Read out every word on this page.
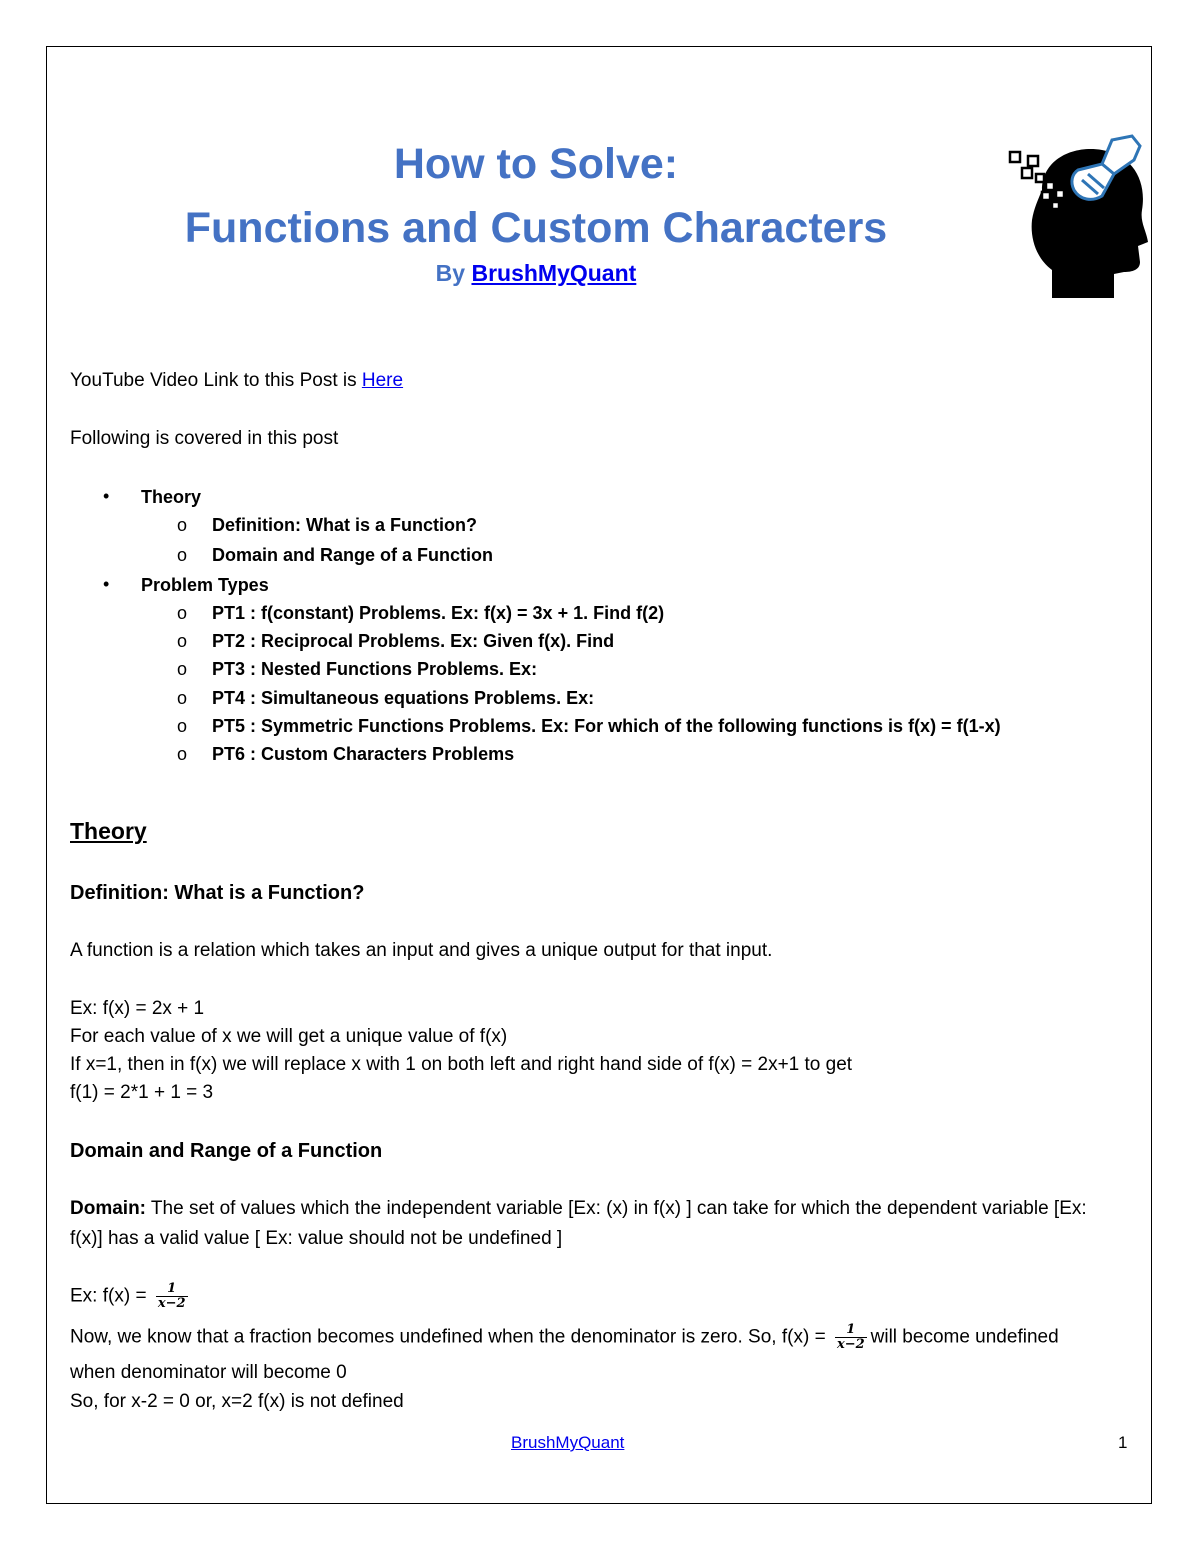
How to Solve:
Functions and Custom Characters
By BrushMyQuant
YouTube Video Link to this Post is Here
Following is covered in this post
• Theory
o Definition: What is a Function?
o Domain and Range of a Function
• Problem Types
o PT1 : f(constant) Problems. Ex: f(x) = 3x + 1. Find f(2)
o PT2 : Reciprocal Problems. Ex: Given f(x). Find
o PT3 : Nested Functions Problems. Ex:
o PT4 : Simultaneous equations Problems. Ex:
o PT5 : Symmetric Functions Problems. Ex: For which of the following functions is f(x) = f(1-x)
o PT6 : Custom Characters Problems
Theory
Definition: What is a Function?
A function is a relation which takes an input and gives a unique output for that input.
Ex: f(x) = 2x + 1
For each value of x we will get a unique value of f(x)
If x=1, then in f(x) we will replace x with 1 on both left and right hand side of f(x) = 2x+1 to get
f(1) = 2*1 + 1 = 3
Domain and Range of a Function
Domain: The set of values which the independent variable [Ex: (x) in f(x) ] can take for which the dependent variable [Ex:
f(x)] has a valid value [ Ex: value should not be undefined ]
Ex: $f(x) = \frac{1}{x-2}$
Now, we know that a fraction becomes undefined when the denominator is zero. So, $f(x) = \frac{1}{x-2}$ will become undefined
when denominator will become 0
So, for x-2 = 0 or, x=2 f(x) is not defined
BrushMyQuant	1
